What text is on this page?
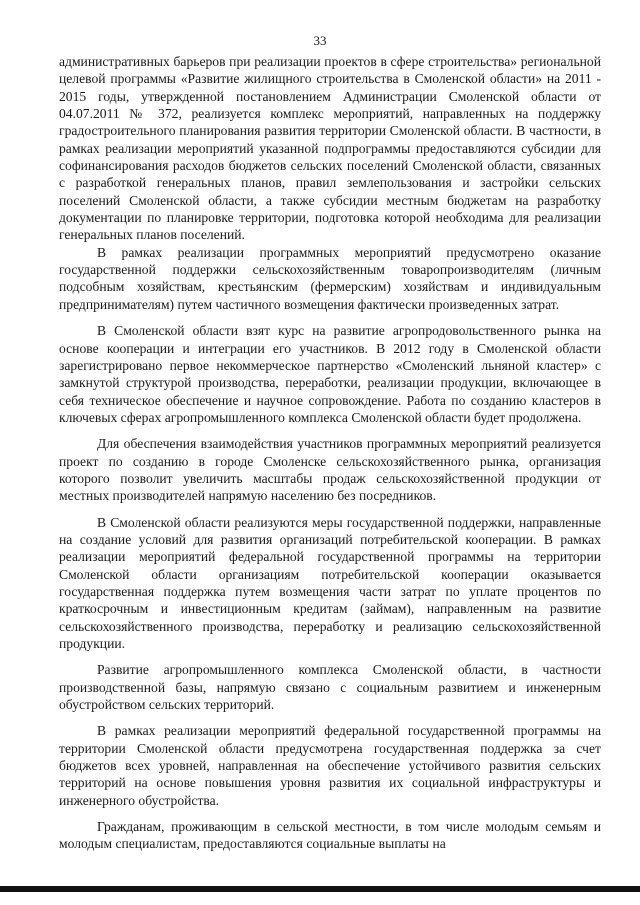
33

административных барьеров при реализации проектов в сфере строительства» региональной целевой программы «Развитие жилищного строительства в Смоленской области» на 2011 - 2015 годы, утвержденной постановлением Администрации Смоленской области от 04.07.2011 № 372, реализуется комплекс мероприятий, направленных на поддержку градостроительного планирования развития территории Смоленской области. В частности, в рамках реализации мероприятий указанной подпрограммы предоставляются субсидии для софинансирования расходов бюджетов сельских поселений Смоленской области, связанных с разработкой генеральных планов, правил землепользования и застройки сельских поселений Смоленской области, а также субсидии местным бюджетам на разработку документации по планировке территории, подготовка которой необходима для реализации генеральных планов поселений.

В рамках реализации программных мероприятий предусмотрено оказание государственной поддержки сельскохозяйственным товаропроизводителям (личным подсобным хозяйствам, крестьянским (фермерским) хозяйствам и индивидуальным предпринимателям) путем частичного возмещения фактически произведенных затрат.

В Смоленской области взят курс на развитие агропродовольственного рынка на основе кооперации и интеграции его участников. В 2012 году в Смоленской области зарегистрировано первое некоммерческое партнерство «Смоленский льняной кластер» с замкнутой структурой производства, переработки, реализации продукции, включающее в себя техническое обеспечение и научное сопровождение. Работа по созданию кластеров в ключевых сферах агропромышленного комплекса Смоленской области будет продолжена.

Для обеспечения взаимодействия участников программных мероприятий реализуется проект по созданию в городе Смоленске сельскохозяйственного рынка, организация которого позволит увеличить масштабы продаж сельскохозяйственной продукции от местных производителей напрямую населению без посредников.

В Смоленской области реализуются меры государственной поддержки, направленные на создание условий для развития организаций потребительской кооперации. В рамках реализации мероприятий федеральной государственной программы на территории Смоленской области организациям потребительской кооперации оказывается государственная поддержка путем возмещения части затрат по уплате процентов по краткосрочным и инвестиционным кредитам (займам), направленным на развитие сельскохозяйственного производства, переработку и реализацию сельскохозяйственной продукции.

Развитие агропромышленного комплекса Смоленской области, в частности производственной базы, напрямую связано с социальным развитием и инженерным обустройством сельских территорий.

В рамках реализации мероприятий федеральной государственной программы на территории Смоленской области предусмотрена государственная поддержка за счет бюджетов всех уровней, направленная на обеспечение устойчивого развития сельских территорий на основе повышения уровня развития их социальной инфраструктуры и инженерного обустройства.

Гражданам, проживающим в сельской местности, в том числе молодым семьям и молодым специалистам, предоставляются социальные выплаты на
